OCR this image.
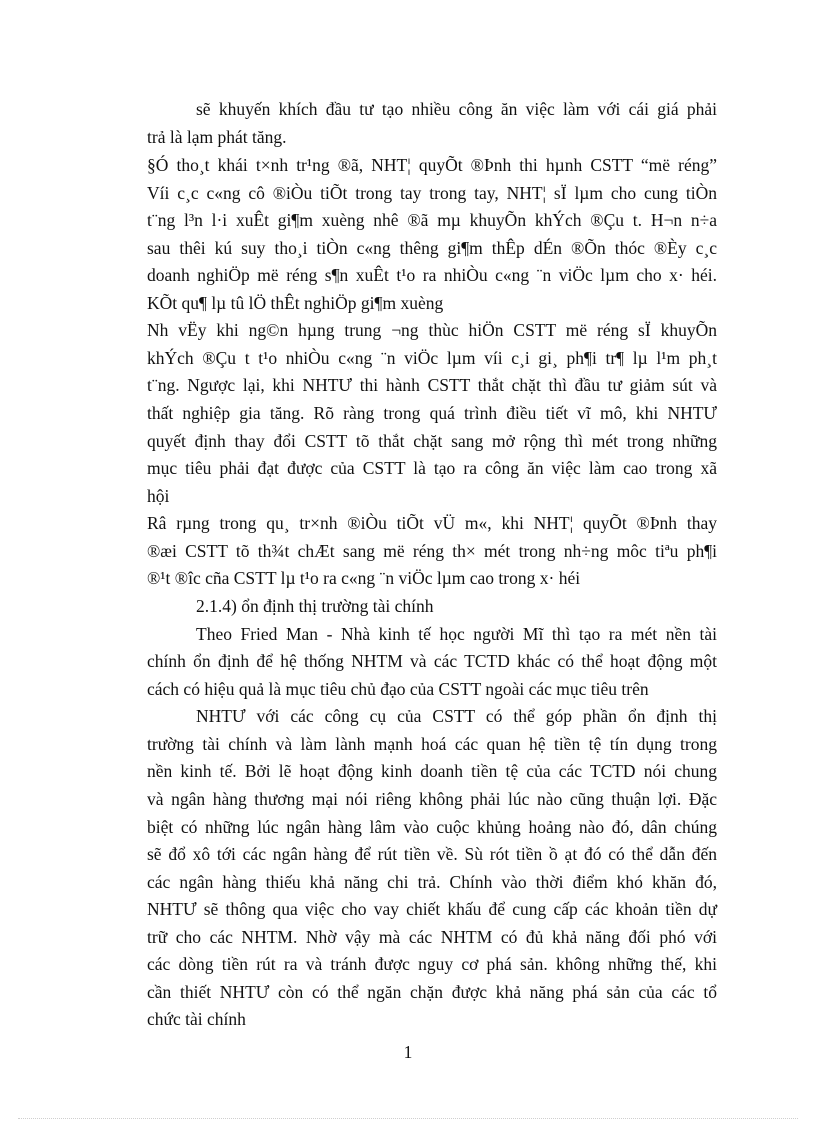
sẽ khuyến khích đầu tư tạo nhiều công ăn việc làm với cái giá phải
trả là lạm phát tăng.
§Ó tho¸t khái t×nh tr¹ng ®ã, NHT¦ quyÕt ®Þnh thi hµnh CSTT “më réng”
Víi c¸c c«ng cô ®iÒu tiÕt trong tay trong tay, NHT¦ sÏ lµm cho cung tiÒn
t¨ng l³n l·i xuÊt gi¶m xuèng nhê ®ã mµ khuyÕn khÝch ®Çu t. H¬n n÷a
sau thêi kú suy tho¸i tiÒn c«ng thêng gi¶m thÊp dÉn ®Õn thóc ®Èy c¸c
doanh nghiÖp më réng s¶n xuÊt t¹o ra nhiÒu c«ng ¨n viÖc lµm cho x· héi.
KÕt qu¶ lµ tû lÖ thÊt nghiÖp gi¶m xuèng
Nh vËy khi ng©n hµng trung ¬ng thùc hiÖn CSTT më réng sÏ khuyÕn
khÝch ®Çu t t¹o nhiÒu c«ng ¨n viÖc lµm víi c¸i gi¸ ph¶i tr¶ lµ l¹m ph¸t
t¨ng. Ngược lại, khi NHTƯ thi hành CSTT thắt chặt thì đầu tư giảm sút và
thất nghiệp gia tăng. Rõ ràng trong quá trình điều tiết vĩ mô, khi NHTƯ
quyết định thay đổi CSTT tõ thắt chặt sang mở rộng thì mét trong những
mục tiêu phải đạt được của CSTT là tạo ra công ăn việc làm cao trong xã
hội
Râ rµng trong qu¸ tr×nh ®iÒu tiÕt vÜ m«, khi NHT¦ quyÕt ®Þnh thay
®æi CSTT tõ th¾t chÆt sang më réng th× mét trong nh÷ng môc tiªu ph¶i
®¹t ®îc cña CSTT lµ t¹o ra c«ng ¨n viÖc lµm cao trong x· héi
2.1.4) ổn định thị trường tài chính
Theo Fried Man - Nhà kinh tế học người Mĩ thì tạo ra mét nền tài
chính ổn định để hệ thống NHTM và các TCTD khác có thể hoạt động một
cách có hiệu quả là mục tiêu chủ đạo của CSTT ngoài các mục tiêu trên
NHTƯ với các công cụ của CSTT có thể góp phần ổn định thị
trường tài chính và làm lành mạnh hoá các quan hệ tiền tệ tín dụng trong
nền kinh tế. Bởi lẽ hoạt động kinh doanh tiền tệ của các TCTD nói chung
và ngân hàng thương mại nói riêng không phải lúc nào cũng thuận lợi. Đặc
biệt có những lúc ngân hàng lâm vào cuộc khủng hoảng nào đó, dân chúng
sẽ đổ xô tới các ngân hàng để rút tiền về. Sù rót tiền ồ ạt đó có thể dẫn đến
các ngân hàng thiếu khả năng chi trả. Chính vào thời điểm khó khăn đó,
NHTƯ sẽ thông qua việc cho vay chiết khấu để cung cấp các khoản tiền dự
trữ cho các NHTM. Nhờ vậy mà các NHTM có đủ khả năng đối phó với
các dòng tiền rút ra và tránh được nguy cơ phá sản. không những thế, khi
cần thiết NHTƯ còn có thể ngăn chặn được khả năng phá sản của các tổ
chức tài chính
1
